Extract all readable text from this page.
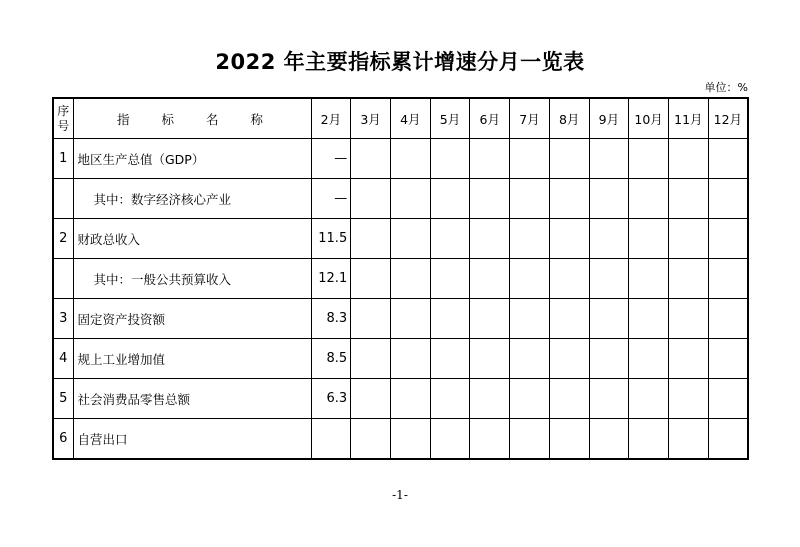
2022 年主要指标累计增速分月一览表
单位：%
序号	指 标 名 称	2月	3月	4月	5月	6月	7月	8月	9月	10月	11月	12月
1	地区生产总值（GDP）	—										
	其中：数字经济核心产业	—										
2	财政总收入	11.5										
	其中：一般公共预算收入	12.1										
3	固定资产投资额	8.3										
4	规上工业增加值	8.5										
5	社会消费品零售总额	6.3										
6	自营出口											
-1-
